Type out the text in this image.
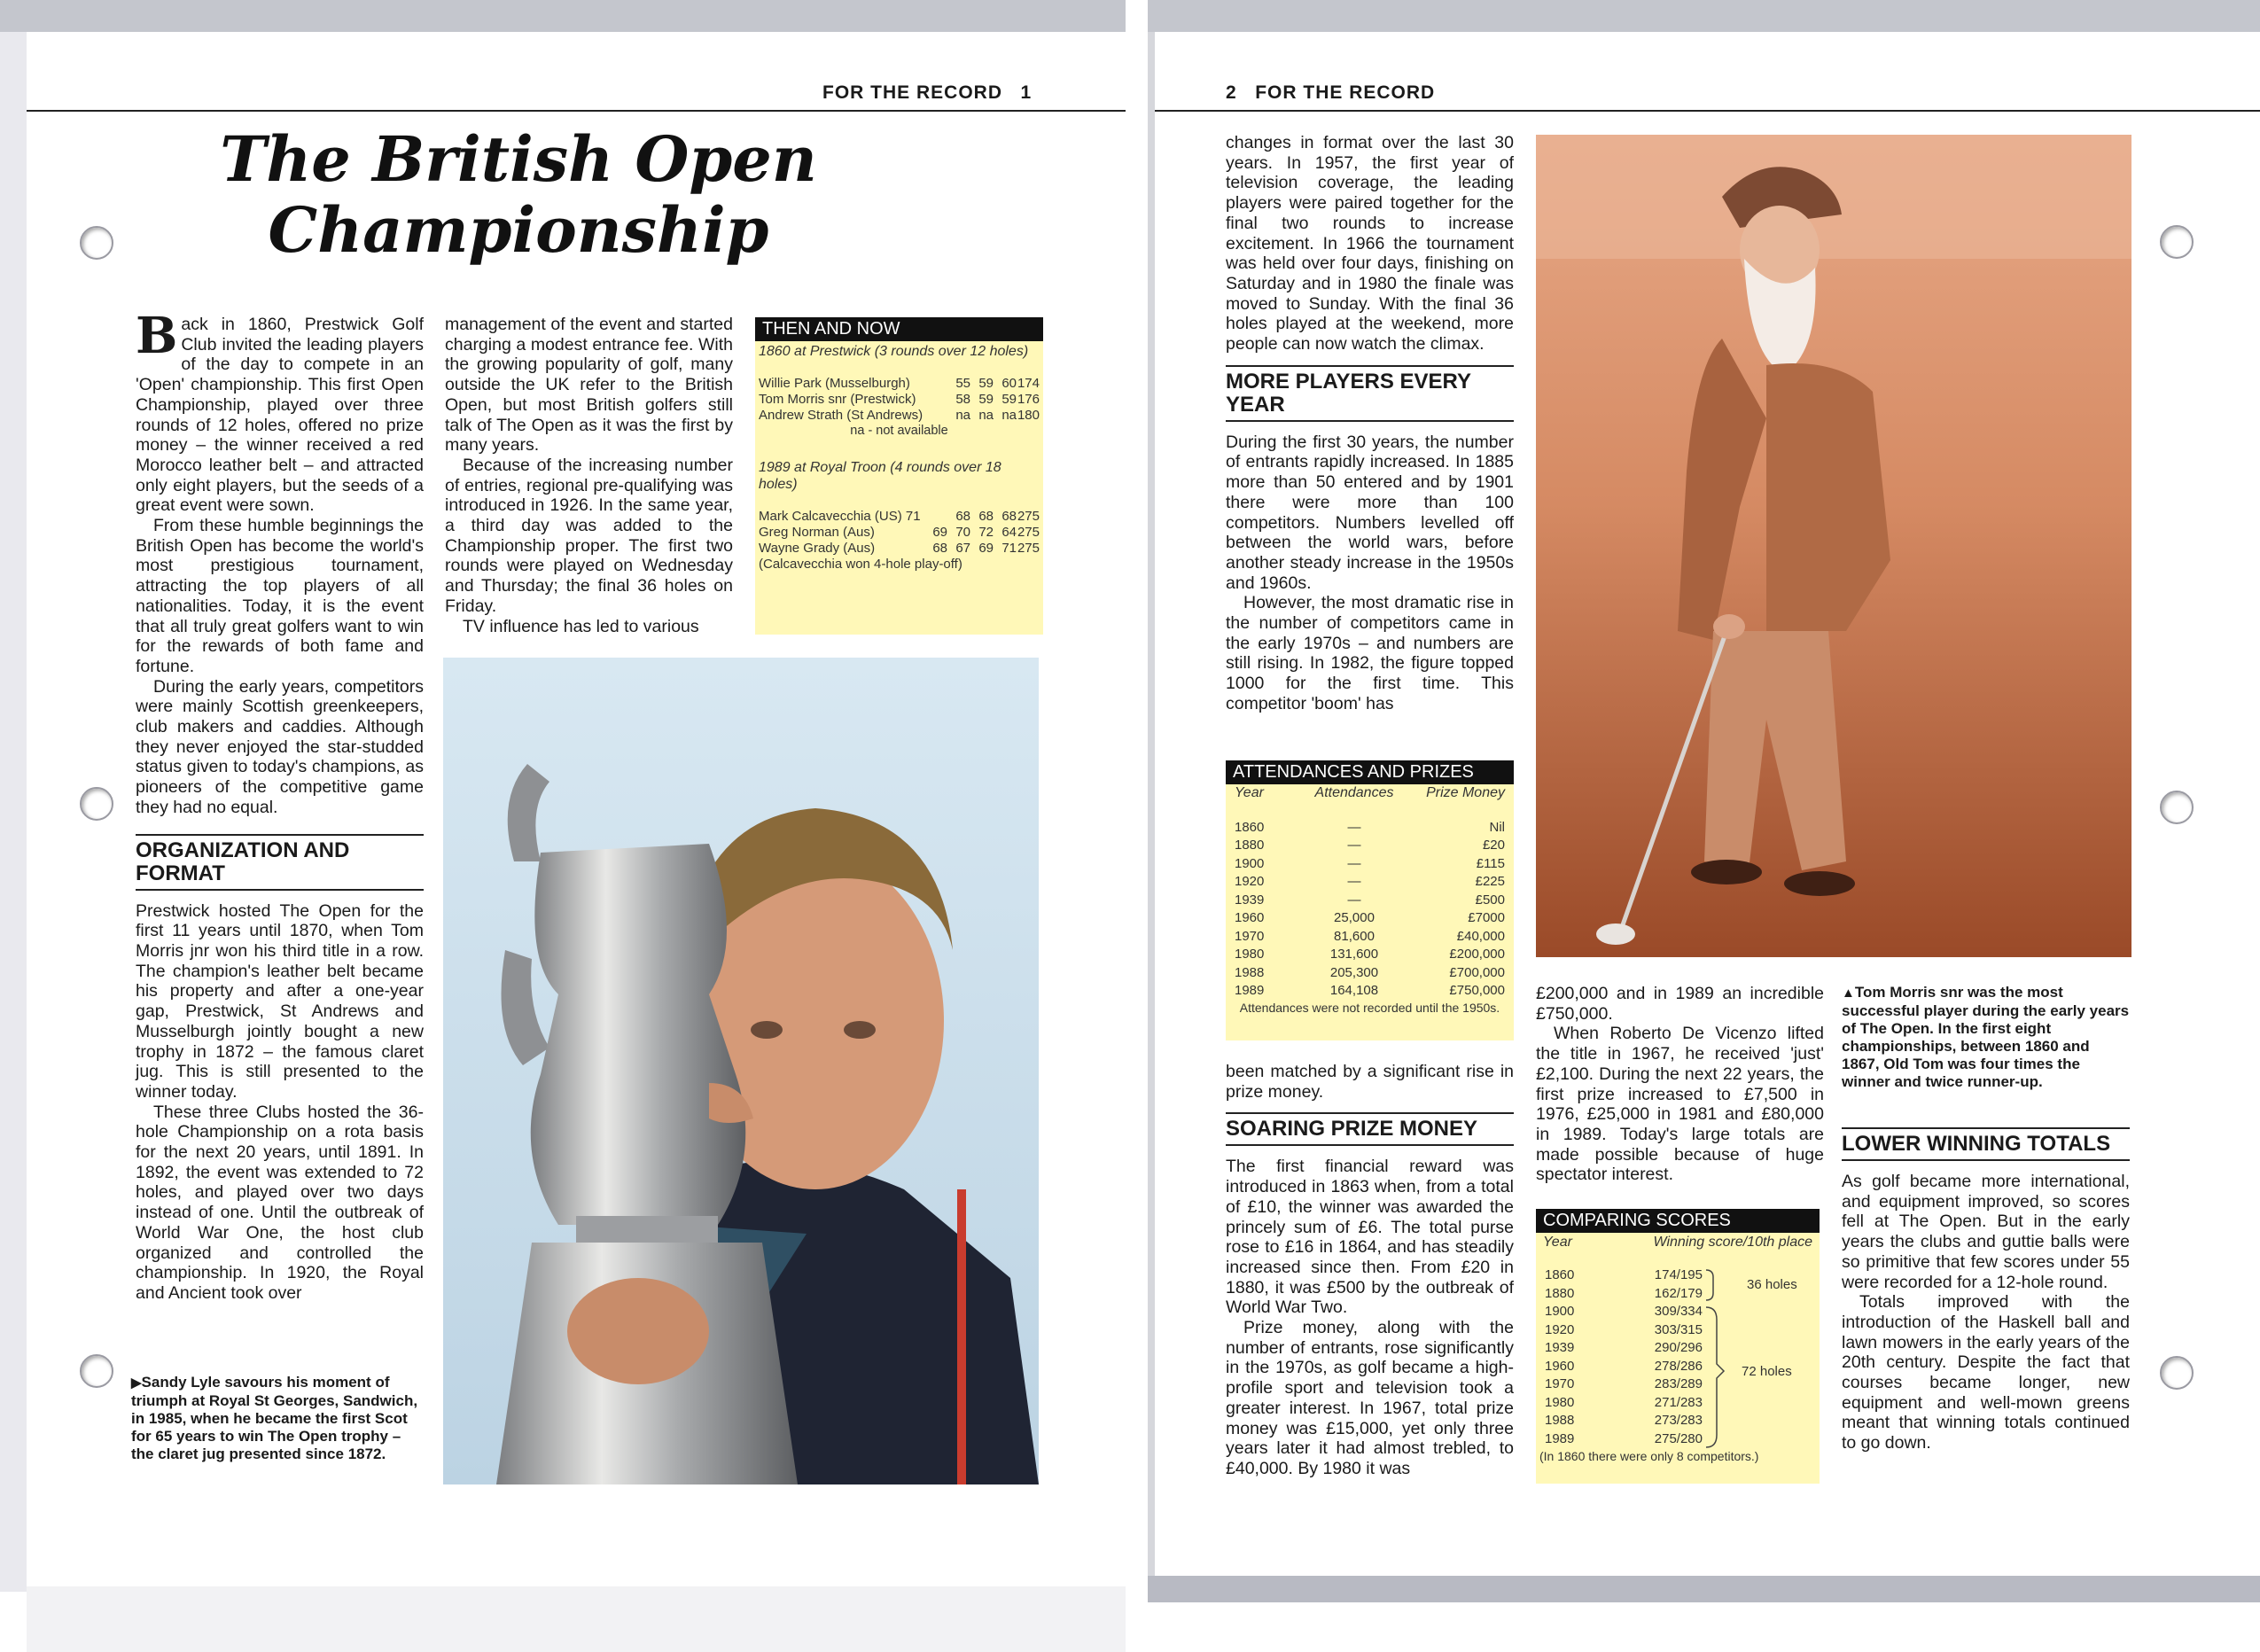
FOR THE RECORD 1
The British Open
Championship

Back in 1860, Prestwick Golf Club invited the leading players of the day to compete in an 'Open' championship. This first Open Championship, played over three rounds of 12 holes, offered no prize money – the winner received a red Morocco leather belt – and attracted only eight players, but the seeds of a great event were sown.

From these humble beginnings the British Open has become the world's most prestigious tournament, attracting the top players of all nationalities. Today, it is the event that all truly great golfers want to win for the rewards of both fame and fortune.

During the early years, competitors were mainly Scottish greenkeepers, club makers and caddies. Although they never enjoyed the star-studded status given to today's champions, as pioneers of the competitive game they had no equal.

ORGANIZATION AND FORMAT

Prestwick hosted The Open for the first 11 years until 1870, when Tom Morris jnr won his third title in a row. The champion's leather belt became his property and after a one-year gap, Prestwick, St Andrews and Musselburgh jointly bought a new trophy in 1872 – the famous claret jug. This is still presented to the winner today.

These three Clubs hosted the 36-hole Championship on a rota basis for the next 20 years, until 1891. In 1892, the event was extended to 72 holes, and played over two days instead of one. Until the outbreak of World War One, the host club organized and controlled the championship. In 1920, the Royal and Ancient took over

management of the event and started charging a modest entrance fee. With the growing popularity of golf, many outside the UK refer to the British Open, but most British golfers still talk of The Open as it was the first by many years.

Because of the increasing number of entries, regional pre-qualifying was introduced in 1926. In the same year, a third day was added to the Championship proper. The first two rounds were played on Wednesday and Thursday; the final 36 holes on Friday.

TV influence has led to various

THEN AND NOW
1860 at Prestwick (3 rounds over 12 holes)
Willie Park (Musselburgh)	55 59 60 174
Tom Morris snr (Prestwick)	58 59 59 176
Andrew Strath (St Andrews)	na na na 180
na - not available
1989 at Royal Troon (4 rounds over 18 holes)
Mark Calcavecchia (US) 71	68 68 68 275
Greg Norman (Aus)	69 70 72 64 275
Wayne Grady (Aus)	68 67 69 71 275
(Calcavecchia won 4-hole play-off)
▶Sandy Lyle savours his moment of triumph at Royal St Georges, Sandwich, in 1985, when he became the first Scot for 65 years to win The Open trophy – the claret jug presented since 1872.
2 FOR THE RECORD

changes in format over the last 30 years. In 1957, the first year of television coverage, the leading players were paired together for the final two rounds to increase excitement. In 1966 the tournament was held over four days, finishing on Saturday and in 1980 the finale was moved to Sunday. With the final 36 holes played at the weekend, more people can now watch the climax.

MORE PLAYERS EVERY YEAR

During the first 30 years, the number of entrants rapidly increased. In 1885 more than 50 entered and by 1901 there were more than 100 competitors. Numbers levelled off between the world wars, before another steady increase in the 1950s and 1960s.

However, the most dramatic rise in the number of competitors came in the early 1970s – and numbers are still rising. In 1982, the figure topped 1000 for the first time. This competitor 'boom' has

ATTENDANCES AND PRIZES
Year	Attendances	Prize Money
1860	—	Nil
1880	—	£20
1900	—	£115
1920	—	£225
1939	—	£500
1960	25,000	£7000
1970	81,600	£40,000
1980	131,600	£200,000
1988	205,300	£700,000
1989	164,108	£750,000
Attendances were not recorded until the 1950s.

been matched by a significant rise in prize money.

SOARING PRIZE MONEY

The first financial reward was introduced in 1863 when, from a total of £10, the winner was awarded the princely sum of £6. The total purse rose to £16 in 1864, and has steadily increased since then. From £20 in 1880, it was £500 by the outbreak of World War Two.

Prize money, along with the number of entrants, rose significantly in the 1970s, as golf became a high-profile sport and television took a greater interest. In 1967, total prize money was £15,000, yet only three years later it had almost trebled, to £40,000. By 1980 it was

£200,000 and in 1989 an incredible £750,000.

When Roberto De Vicenzo lifted the title in 1967, he received 'just' £2,100. During the next 22 years, the first prize increased to £7,500 in 1976, £25,000 in 1981 and £80,000 in 1989. Today's large totals are made possible because of huge spectator interest.

COMPARING SCORES
Year	Winning score/10th place
1860	174/195
1880	162/179
1900	309/334
1920	303/315
1939	290/296
1960	278/286
1970	283/289
1980	271/283
1988	273/283
1989	275/280
36 holes
72 holes
(In 1860 there were only 8 competitors.)
▲Tom Morris snr was the most successful player during the early years of The Open. In the first eight championships, between 1860 and 1867, Old Tom was four times the winner and twice runner-up.
LOWER WINNING TOTALS

As golf became more international, and equipment improved, so scores fell at The Open. But in the early years the clubs and guttie balls were so primitive that few scores under 55 were recorded for a 12-hole round.

Totals improved with the introduction of the Haskell ball and lawn mowers in the early years of the 20th century. Despite the fact that courses became longer, new equipment and well-mown greens meant that winning totals continued to go down.
